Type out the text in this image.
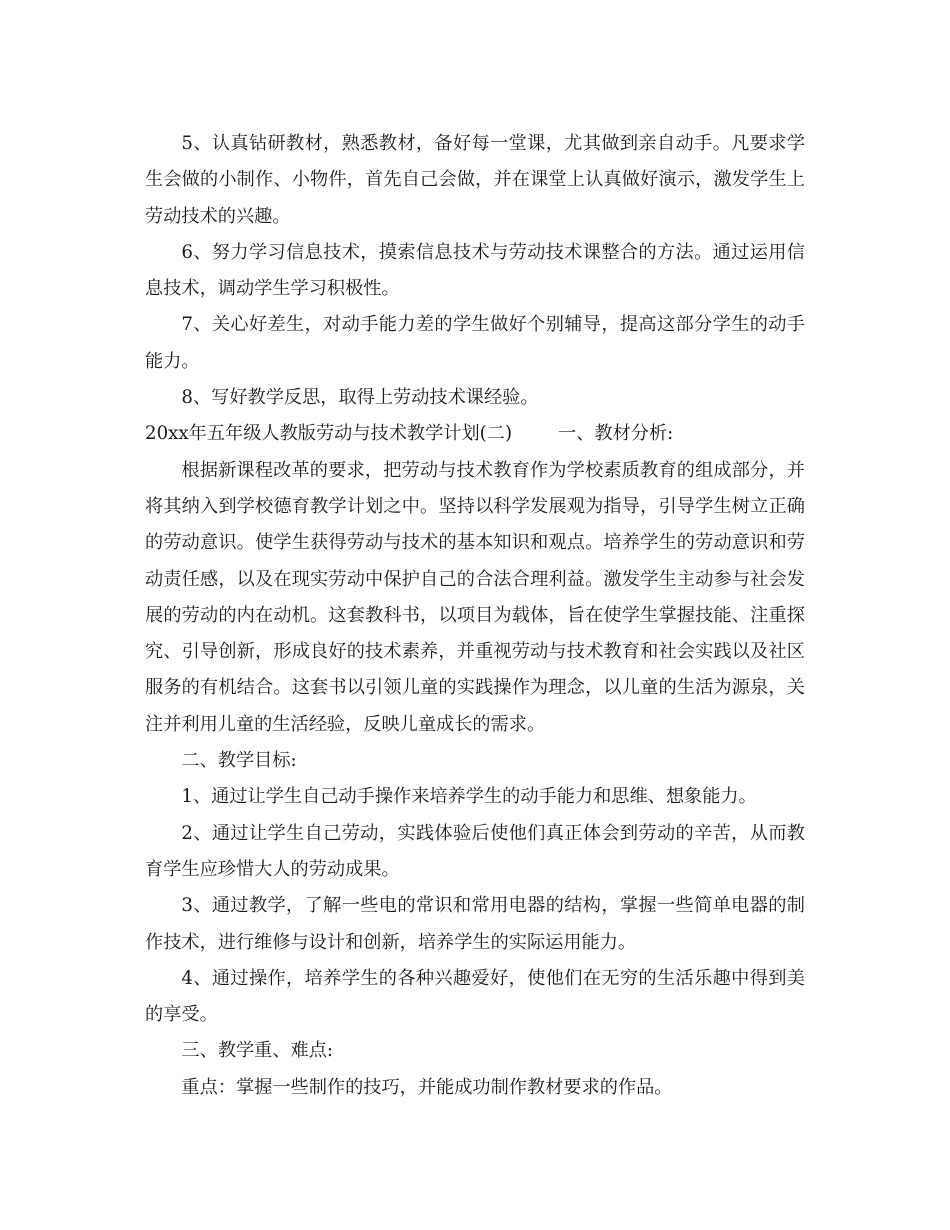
5、认真钻研教材，熟悉教材，备好每一堂课，尤其做到亲自动手。凡要求学生会做的小制作、小物件，首先自己会做，并在课堂上认真做好演示，激发学生上劳动技术的兴趣。

6、努力学习信息技术，摸索信息技术与劳动技术课整合的方法。通过运用信息技术，调动学生学习积极性。

7、关心好差生，对动手能力差的学生做好个别辅导，提高这部分学生的动手能力。

8、写好教学反思，取得上劳动技术课经验。

20xx年五年级人教版劳动与技术教学计划(二)	一、教材分析:

根据新课程改革的要求，把劳动与技术教育作为学校素质教育的组成部分，并将其纳入到学校德育教学计划之中。坚持以科学发展观为指导，引导学生树立正确的劳动意识。使学生获得劳动与技术的基本知识和观点。培养学生的劳动意识和劳动责任感，以及在现实劳动中保护自己的合法合理利益。激发学生主动参与社会发展的劳动的内在动机。这套教科书，以项目为载体，旨在使学生掌握技能、注重探究、引导创新，形成良好的技术素养，并重视劳动与技术教育和社会实践以及社区服务的有机结合。这套书以引领儿童的实践操作为理念，以儿童的生活为源泉，关注并利用儿童的生活经验，反映儿童成长的需求。

二、教学目标:

1、通过让学生自己动手操作来培养学生的动手能力和思维、想象能力。

2、通过让学生自己劳动，实践体验后使他们真正体会到劳动的辛苦，从而教育学生应珍惜大人的劳动成果。

3、通过教学，了解一些电的常识和常用电器的结构，掌握一些简单电器的制作技术，进行维修与设计和创新，培养学生的实际运用能力。

4、通过操作，培养学生的各种兴趣爱好，使他们在无穷的生活乐趣中得到美的享受。

三、教学重、难点:

重点：掌握一些制作的技巧，并能成功制作教材要求的作品。
